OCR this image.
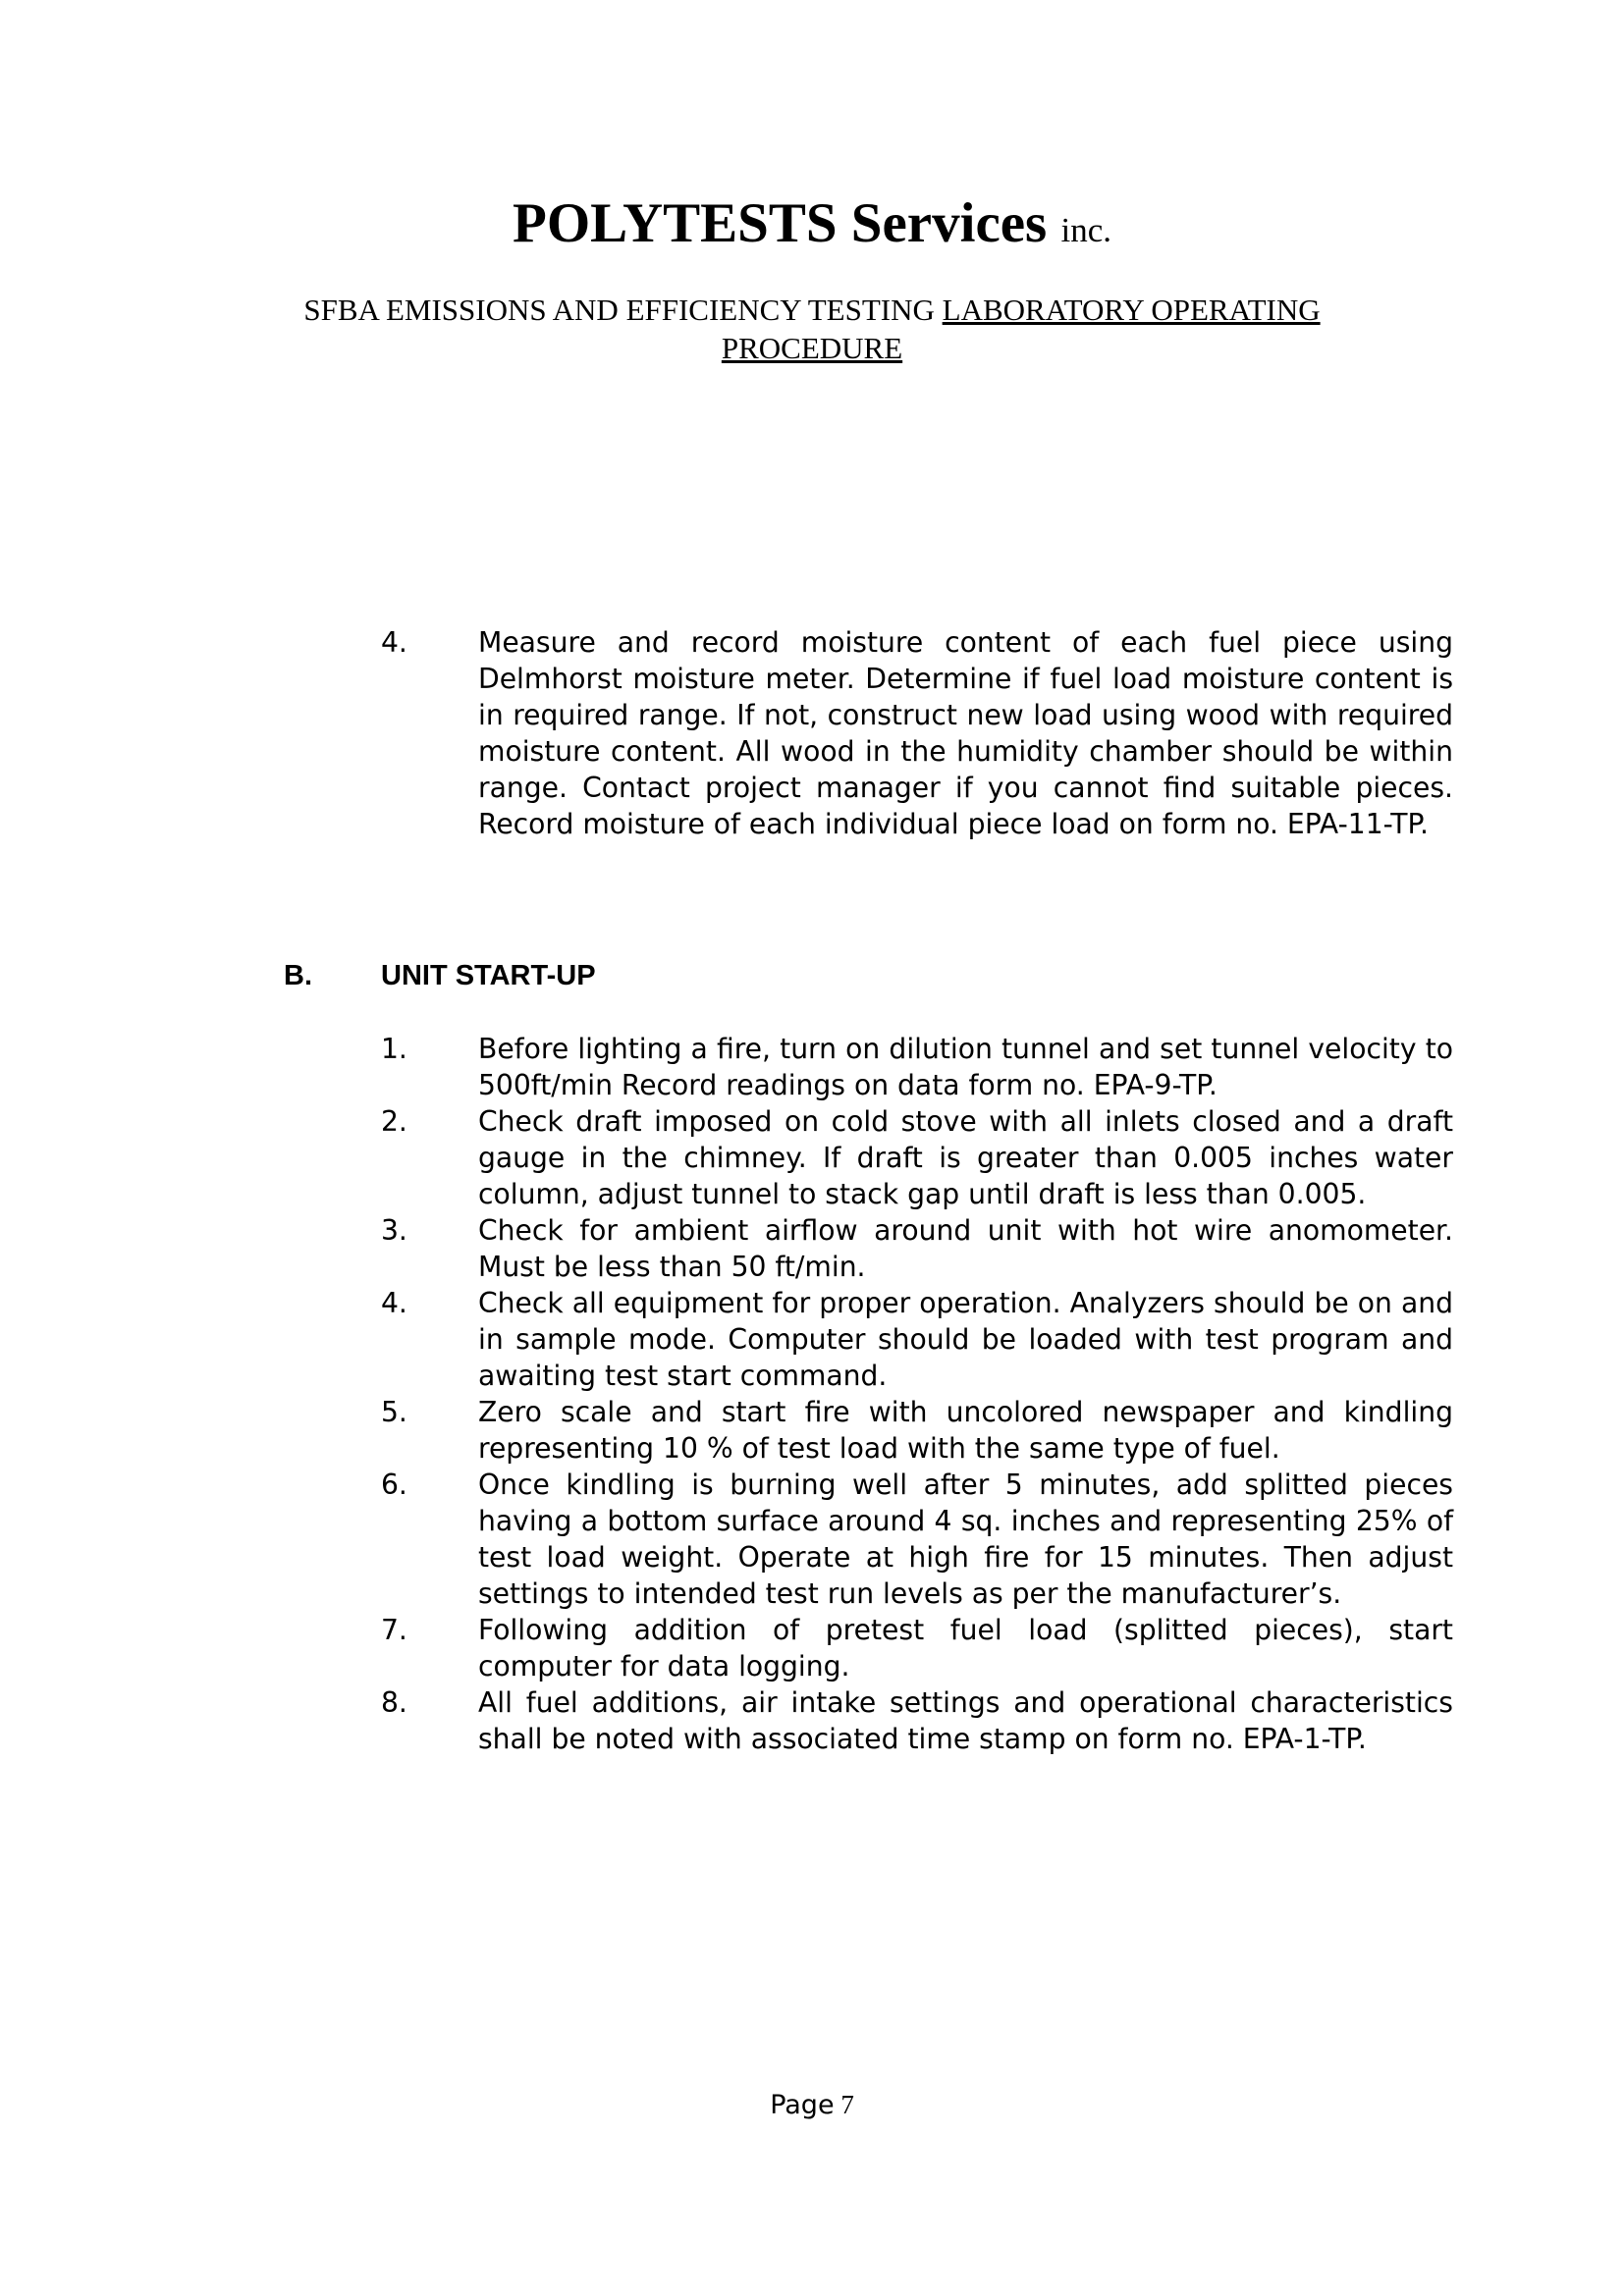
POLYTESTS Services inc.
SFBA EMISSIONS AND EFFICIENCY TESTING LABORATORY OPERATING
PROCEDURE
4.	Measure and record moisture content of each fuel piece using Delmhorst moisture meter. Determine if fuel load moisture content is in required range. If not, construct new load using wood with required moisture content. All wood in the humidity chamber should be within range. Contact project manager if you cannot find suitable pieces. Record moisture of each individual piece load on form no. EPA-11-TP.
B. UNIT START-UP
1.	Before lighting a fire, turn on dilution tunnel and set tunnel velocity to 500ft/min Record readings on data form no. EPA-9-TP.
2.	Check draft imposed on cold stove with all inlets closed and a draft gauge in the chimney. If draft is greater than 0.005 inches water column, adjust tunnel to stack gap until draft is less than 0.005.
3.	Check for ambient airflow around unit with hot wire anomometer. Must be less than 50 ft/min.
4.	Check all equipment for proper operation. Analyzers should be on and in sample mode. Computer should be loaded with test program and awaiting test start command.
5.	Zero scale and start fire with uncolored newspaper and kindling representing 10 % of test load with the same type of fuel.
6.	Once kindling is burning well after 5 minutes, add splitted pieces having a bottom surface around 4 sq. inches and representing 25% of test load weight. Operate at high fire for 15 minutes. Then adjust settings to intended test run levels as per the manufacturer’s.
7.	Following addition of pretest fuel load (splitted pieces), start computer for data logging.
8.	All fuel additions, air intake settings and operational characteristics shall be noted with associated time stamp on form no. EPA-1-TP.
Page 7
